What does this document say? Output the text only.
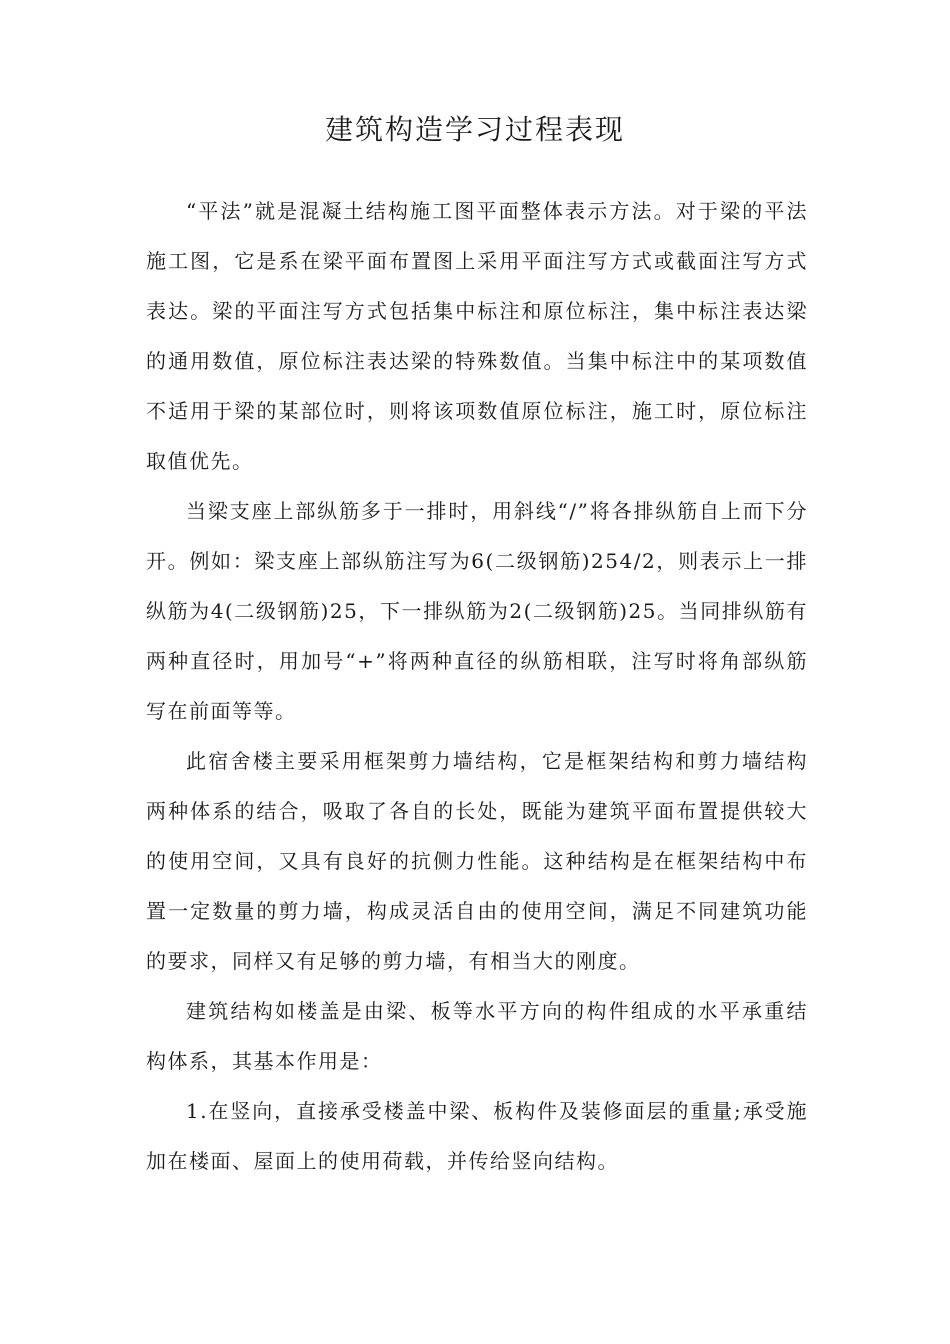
建筑构造学习过程表现

“平法”就是混凝土结构施工图平面整体表示方法。对于梁的平法施工图，它是系在梁平面布置图上采用平面注写方式或截面注写方式表达。梁的平面注写方式包括集中标注和原位标注，集中标注表达梁的通用数值，原位标注表达梁的特殊数值。当集中标注中的某项数值不适用于梁的某部位时，则将该项数值原位标注，施工时，原位标注取值优先。

当梁支座上部纵筋多于一排时，用斜线“/”将各排纵筋自上而下分开。例如：梁支座上部纵筋注写为6(二级钢筋)254/2，则表示上一排纵筋为4(二级钢筋)25，下一排纵筋为2(二级钢筋)25。当同排纵筋有两种直径时，用加号“+”将两种直径的纵筋相联，注写时将角部纵筋写在前面等等。

此宿舍楼主要采用框架剪力墙结构，它是框架结构和剪力墙结构两种体系的结合，吸取了各自的长处，既能为建筑平面布置提供较大的使用空间，又具有良好的抗侧力性能。这种结构是在框架结构中布置一定数量的剪力墙，构成灵活自由的使用空间，满足不同建筑功能的要求，同样又有足够的剪力墙，有相当大的刚度。

建筑结构如楼盖是由梁、板等水平方向的构件组成的水平承重结构体系，其基本作用是：

1.在竖向，直接承受楼盖中梁、板构件及装修面层的重量;承受施加在楼面、屋面上的使用荷载，并传给竖向结构。
